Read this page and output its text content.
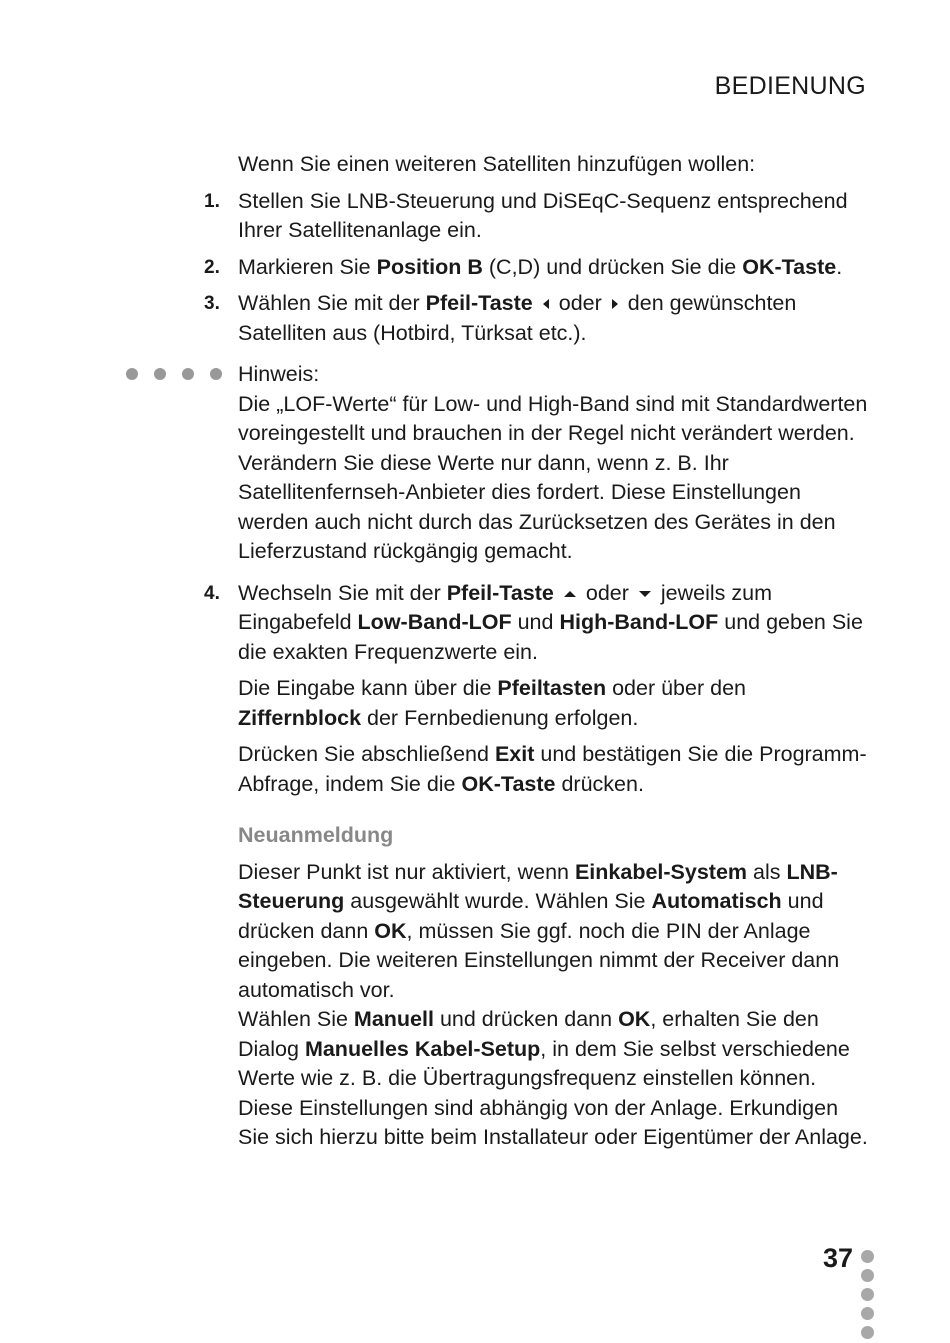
BEDIENUNG

Wenn Sie einen weiteren Satelliten hinzufügen wollen:

1. Stellen Sie LNB-Steuerung und DiSEqC-Sequenz entsprechend Ihrer Satellitenanlage ein.
2. Markieren Sie Position B (C,D) und drücken Sie die OK-Taste.
3. Wählen Sie mit der Pfeil-Taste oder den gewünschten Satelliten aus (Hotbird, Türksat etc.).

Hinweis:

Die „LOF-Werte“ für Low- und High-Band sind mit Standardwerten voreingestellt und brauchen in der Regel nicht verändert werden. Verändern Sie diese Werte nur dann, wenn z. B. Ihr Satellitenfernseh-Anbieter dies fordert. Diese Einstellungen werden auch nicht durch das Zurücksetzen des Gerätes in den Lieferzustand rückgängig gemacht.

4. Wechseln Sie mit der Pfeil-Taste oder jeweils zum Eingabefeld Low-Band-LOF und High-Band-LOF und geben Sie die exakten Frequenzwerte ein.

Die Eingabe kann über die Pfeiltasten oder über den Ziffernblock der Fernbedienung erfolgen.

Drücken Sie abschließend Exit und bestätigen Sie die Programm-Abfrage, indem Sie die OK-Taste drücken.

Neuanmeldung

Dieser Punkt ist nur aktiviert, wenn Einkabel-System als LNB-Steuerung ausgewählt wurde. Wählen Sie Automatisch und drücken dann OK, müssen Sie ggf. noch die PIN der Anlage eingeben. Die weiteren Einstellungen nimmt der Receiver dann automatisch vor.

Wählen Sie Manuell und drücken dann OK, erhalten Sie den Dialog Manuelles Kabel-Setup, in dem Sie selbst verschiedene Werte wie z. B. die Übertragungsfrequenz einstellen können.

Diese Einstellungen sind abhängig von der Anlage. Erkundigen Sie sich hierzu bitte beim Installateur oder Eigentümer der Anlage.

37
